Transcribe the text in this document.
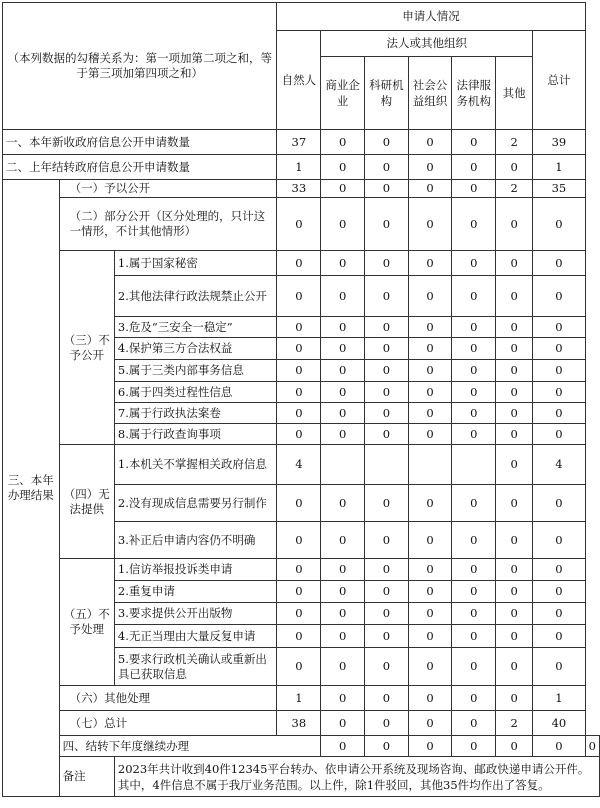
（本列数据的勾稽关系为：第一项加第二项之和，等于第三项加第四项之和）			申请人情况							
			自然人	法人或其他组织					总计	
				商业企业	科研机构	社会公益组织	法律服务机构	其他		
一、本年新收政府信息公开申请数量			37	0	0	0	0	2	39	
二、上年结转政府信息公开申请数量			1	0	0	0	0	0	1	
三、本年办理结果	（一）予以公开		33	0	0	0	0	2	35	
	（二）部分公开（区分处理的，只计这一情形，不计其他情形）		0	0	0	0	0	0	0	
	（三）不予公开	1.属于国家秘密	0	0	0	0	0	0	0	
		2.其他法律行政法规禁止公开	0	0	0	0	0	0	0	
		3.危及“三安全一稳定”	0	0	0	0	0	0	0	
		4.保护第三方合法权益	0	0	0	0	0	0	0	
		5.属于三类内部事务信息	0	0	0	0	0	0	0	
		6.属于四类过程性信息	0	0	0	0	0	0	0	
		7.属于行政执法案卷	0	0	0	0	0	0	0	
		8.属于行政查询事项	0	0	0	0	0	0	0	
	（四）无法提供	1.本机关不掌握相关政府信息	4					0	4	
		2.没有现成信息需要另行制作	0	0	0	0	0	0	0	
		3.补正后申请内容仍不明确	0	0	0	0	0	0	0	
	（五）不予处理	1.信访举报投诉类申请	0	0	0	0	0	0	0	
		2.重复申请	0	0	0	0	0	0	0	
		3.要求提供公开出版物	0	0	0	0	0	0	0	
		4.无正当理由大量反复申请	0	0	0	0	0	0	0	
		5.要求行政机关确认或重新出具已获取信息	0	0	0	0	0	0	0	
	（六）其他处理		1	0	0	0	0	0	1	
	（七）总计		38	0	0	0	0	2	40	
	四、结转下年度继续办理			0	0	0	0	0	0	0
	备注	2023年共计收到40件12345平台转办、依申请公开系统及现场咨询、邮政快递申请公开件。其中，4件信息不属于我厅业务范围。以上件，除1件驳回，其他35件均作出了答复。								
